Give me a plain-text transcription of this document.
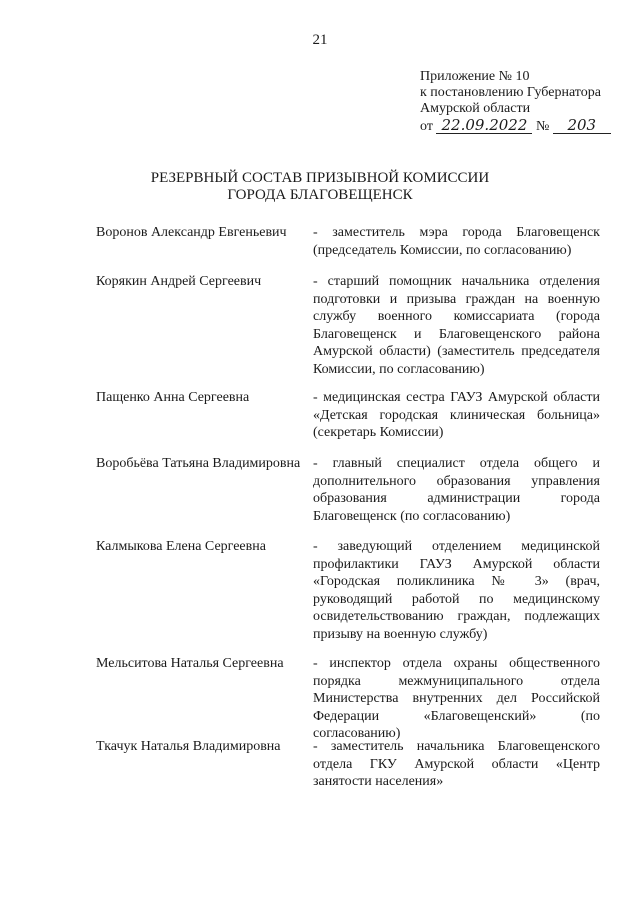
21
Приложение № 10
к постановлению Губернатора
Амурской области
от 22.09.2022 № 203
РЕЗЕРВНЫЙ СОСТАВ ПРИЗЫВНОЙ КОМИССИИ
ГОРОДА БЛАГОВЕЩЕНСК
Воронов Александр Евгеньевич	- заместитель мэра города Благовещенск (председатель Комиссии, по согласованию)
Корякин Андрей Сергеевич	- старший помощник начальника отделения подготовки и призыва граждан на военную службу военного комиссариата (города Благовещенск и Благовещенского района Амурской области) (заместитель председателя Комиссии, по согласованию)
Пащенко Анна Сергеевна	- медицинская сестра ГАУЗ Амурской области «Детская городская клиническая больница» (секретарь Комиссии)
Воробьёва Татьяна Владимировна - главный специалист отдела общего и дополнительного образования управления образования администрации города Благовещенск (по согласованию)
Калмыкова Елена Сергеевна	- заведующий отделением медицинской профилактики ГАУЗ Амурской области «Городская поликлиника № 3» (врач, руководящий работой по медицинскому освидетельствованию граждан, подлежащих призыву на военную службу)
Мельситова Наталья Сергеевна	- инспектор отдела охраны общественного порядка межмуниципального отдела Министерства внутренних дел Российской Федерации «Благовещенский» (по согласованию)
Ткачук Наталья Владимировна	- заместитель начальника Благовещенского отдела ГКУ Амурской области «Центр занятости населения»
